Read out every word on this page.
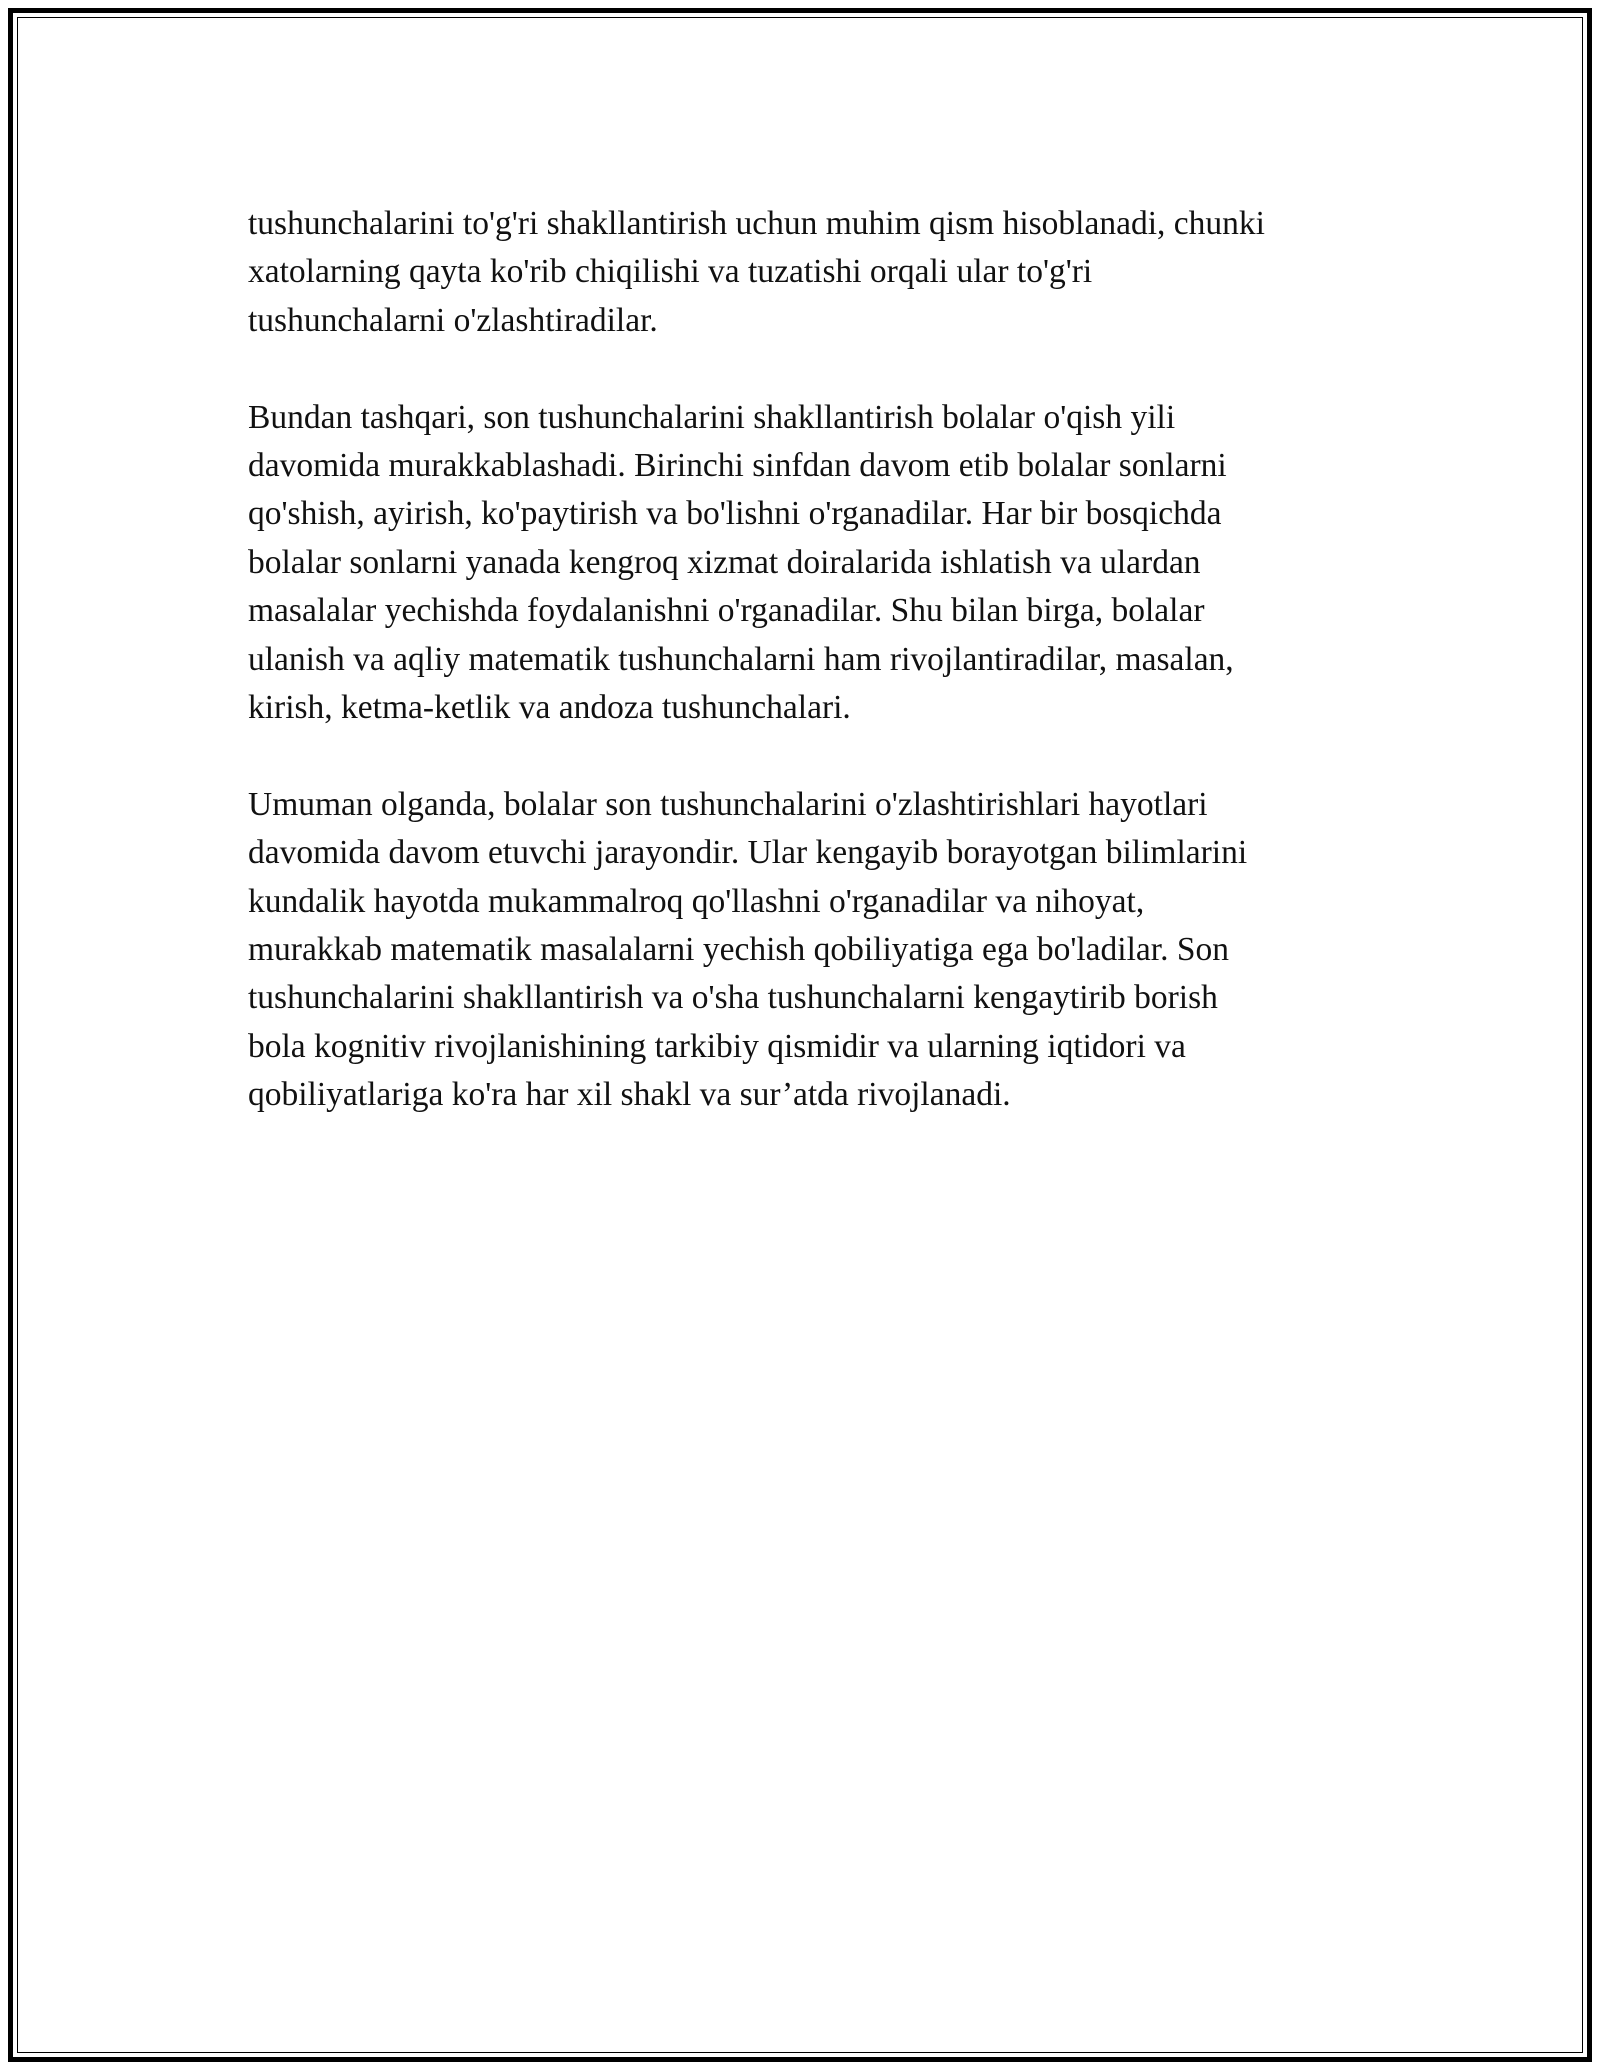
tushunchalarini to'g'ri shakllantirish uchun muhim qism hisoblanadi, chunki
xatolarning qayta ko'rib chiqilishi va tuzatishi orqali ular to'g'ri
tushunchalarni o'zlashtiradilar.

Bundan tashqari, son tushunchalarini shakllantirish bolalar o'qish yili
davomida murakkablashadi. Birinchi sinfdan davom etib bolalar sonlarni
qo'shish, ayirish, ko'paytirish va bo'lishni o'rganadilar. Har bir bosqichda
bolalar sonlarni yanada kengroq xizmat doiralarida ishlatish va ulardan
masalalar yechishda foydalanishni o'rganadilar. Shu bilan birga, bolalar
ulanish va aqliy matematik tushunchalarni ham rivojlantiradilar, masalan,
kirish, ketma-ketlik va andoza tushunchalari.

Umuman olganda, bolalar son tushunchalarini o'zlashtirishlari hayotlari
davomida davom etuvchi jarayondir. Ular kengayib borayotgan bilimlarini
kundalik hayotda mukammalroq qo'llashni o'rganadilar va nihoyat,
murakkab matematik masalalarni yechish qobiliyatiga ega bo'ladilar. Son
tushunchalarini shakllantirish va o'sha tushunchalarni kengaytirib borish
bola kognitiv rivojlanishining tarkibiy qismidir va ularning iqtidori va
qobiliyatlariga ko'ra har xil shakl va sur’atda rivojlanadi.
